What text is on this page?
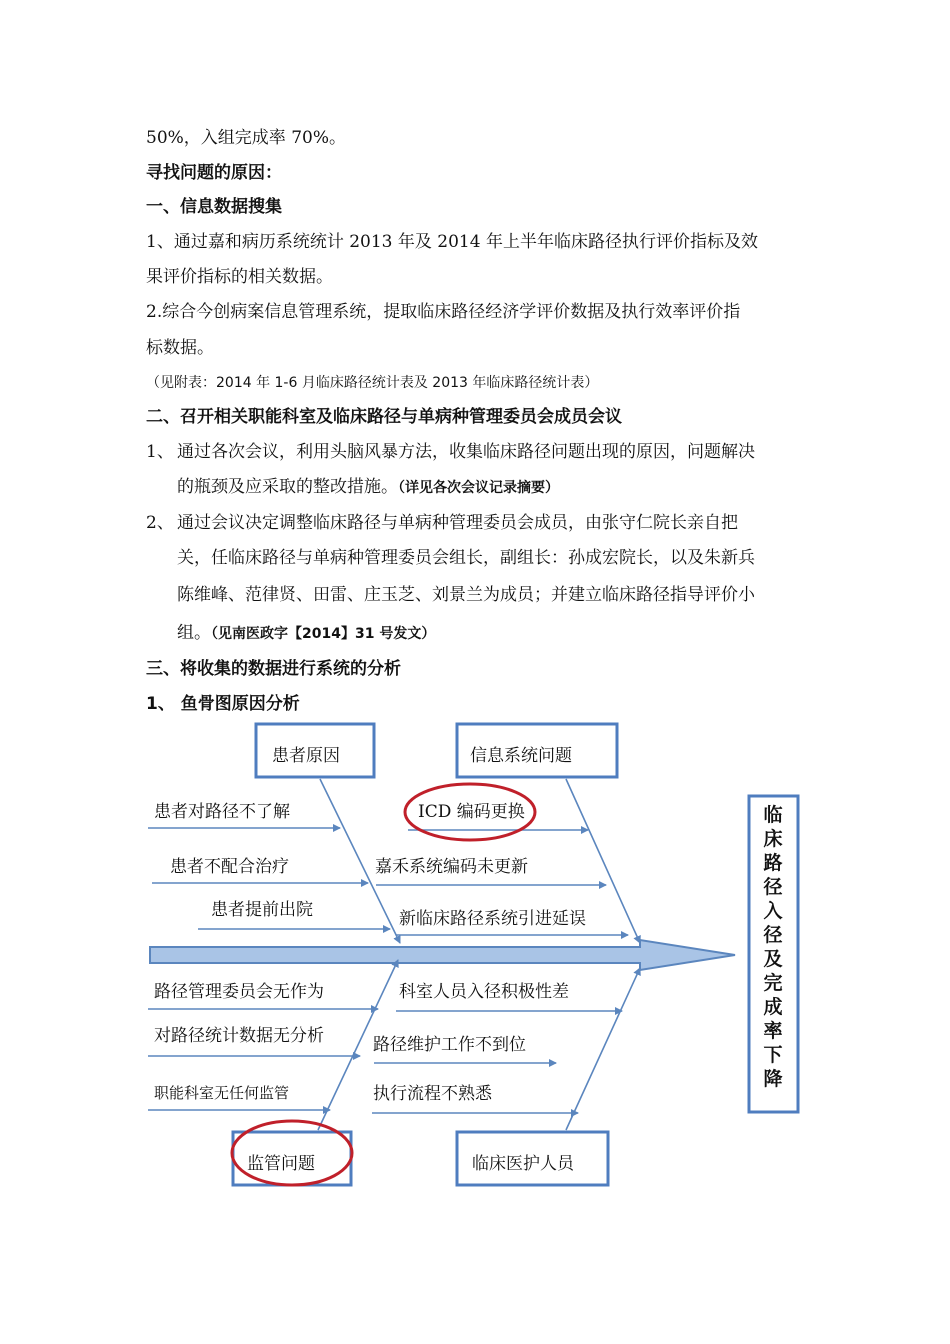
50%，入组完成率 70%。
寻找问题的原因：
一、信息数据搜集
1、通过嘉和病历系统统计 2013 年及 2014 年上半年临床路径执行评价指标及效
果评价指标的相关数据。
2.综合今创病案信息管理系统，提取临床路径经济学评价数据及执行效率评价指
标数据。
（见附表：2014 年 1-6 月临床路径统计表及 2013 年临床路径统计表）
二、召开相关职能科室及临床路径与单病种管理委员会成员会议
1、 通过各次会议，利用头脑风暴方法，收集临床路径问题出现的原因，问题解决
的瓶颈及应采取的整改措施。（详见各次会议记录摘要）
2、 通过会议决定调整临床路径与单病种管理委员会成员，由张守仁院长亲自把
关，任临床路径与单病种管理委员会组长，副组长：孙成宏院长，以及朱新兵
陈维峰、范律贤、田雷、庄玉芝、刘景兰为成员；并建立临床路径指导评价小
组。（见南医政字【2014】31 号发文）
三、将收集的数据进行系统的分析
1、 鱼骨图原因分析
临床路径入径及完成率下降
患者原因	信息系统问题
监管问题	临床医护人员
患者对路径不了解
患者不配合治疗
患者提前出院
ICD 编码更换
嘉禾系统编码未更新
新临床路径系统引进延误
路径管理委员会无作为
对路径统计数据无分析
职能科室无任何监管
科室人员入径积极性差
路径维护工作不到位
执行流程不熟悉
